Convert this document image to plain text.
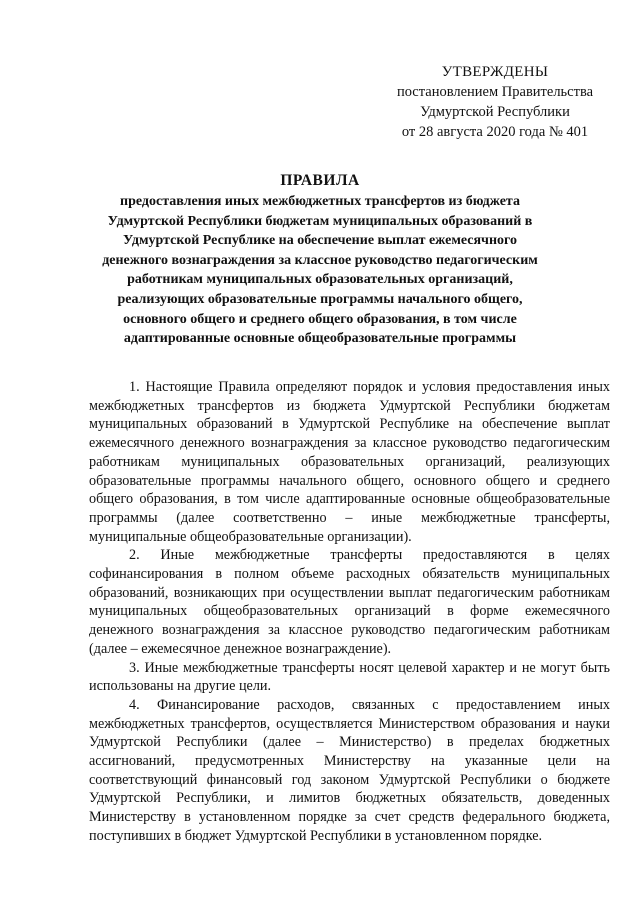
УТВЕРЖДЕНЫ
постановлением Правительства
Удмуртской Республики
от 28 августа 2020 года № 401
ПРАВИЛА
предоставления иных межбюджетных трансфертов из бюджета Удмуртской Республики бюджетам муниципальных образований в Удмуртской Республике на обеспечение выплат ежемесячного денежного вознаграждения за классное руководство педагогическим работникам муниципальных образовательных организаций, реализующих образовательные программы начального общего, основного общего и среднего общего образования, в том числе адаптированные основные общеобразовательные программы

1. Настоящие Правила определяют порядок и условия предоставления иных межбюджетных трансфертов из бюджета Удмуртской Республики бюджетам муниципальных образований в Удмуртской Республике на обеспечение выплат ежемесячного денежного вознаграждения за классное руководство педагогическим работникам муниципальных образовательных организаций, реализующих образовательные программы начального общего, основного общего и среднего общего образования, в том числе адаптированные основные общеобразовательные программы (далее соответственно – иные межбюджетные трансферты, муниципальные общеобразовательные организации).

2. Иные межбюджетные трансферты предоставляются в целях софинансирования в полном объеме расходных обязательств муниципальных образований, возникающих при осуществлении выплат педагогическим работникам муниципальных общеобразовательных организаций в форме ежемесячного денежного вознаграждения за классное руководство педагогическим работникам (далее – ежемесячное денежное вознаграждение).

3. Иные межбюджетные трансферты носят целевой характер и не могут быть использованы на другие цели.

4. Финансирование расходов, связанных с предоставлением иных межбюджетных трансфертов, осуществляется Министерством образования и науки Удмуртской Республики (далее – Министерство) в пределах бюджетных ассигнований, предусмотренных Министерству на указанные цели на соответствующий финансовый год законом Удмуртской Республики о бюджете Удмуртской Республики, и лимитов бюджетных обязательств, доведенных Министерству в установленном порядке за счет средств федерального бюджета, поступивших в бюджет Удмуртской Республики в установленном порядке.
